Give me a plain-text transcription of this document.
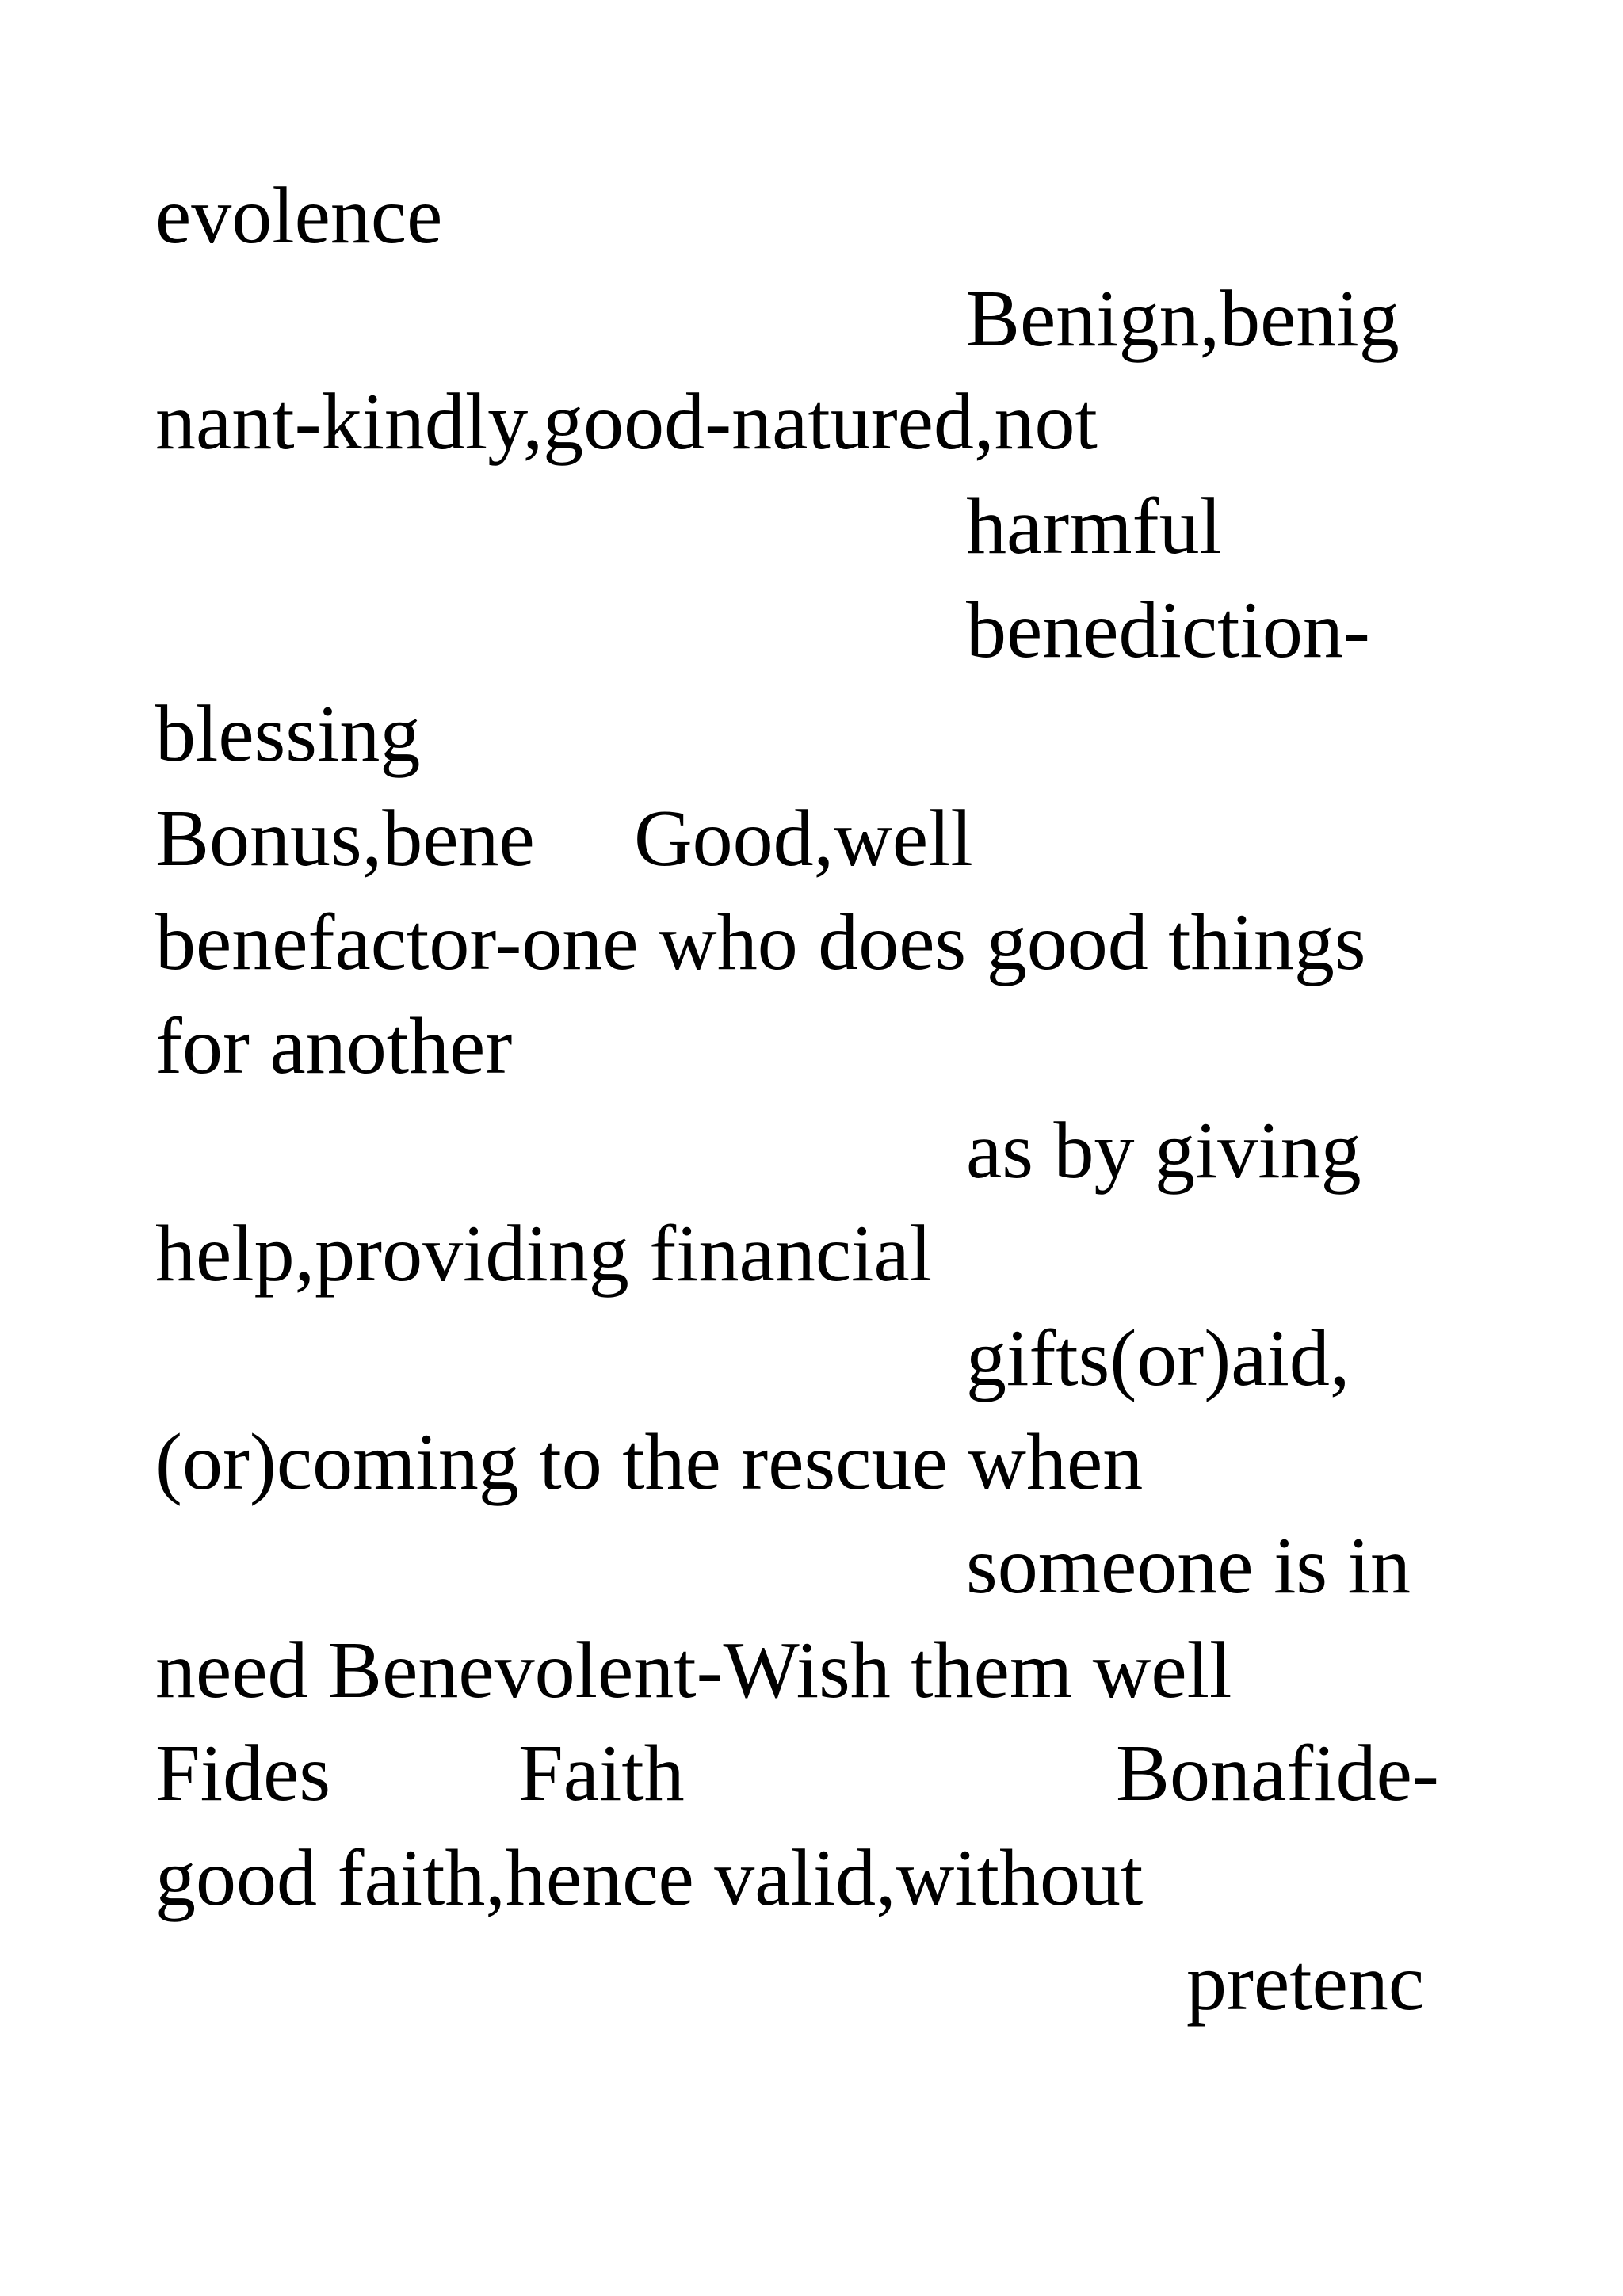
evolence
Benign,benig
nant-kindly,good-natured,not
harmful
benediction-
blessing
Bonus,bene Good,well
benefactor-one who does good things
for another
as by giving
help,providing financial
gifts(or)aid,
(or)coming to the rescue when
someone is in
need Benevolent-Wish them well
Fides Faith	Bonafide-
good faith,hence valid,without
pretenc
